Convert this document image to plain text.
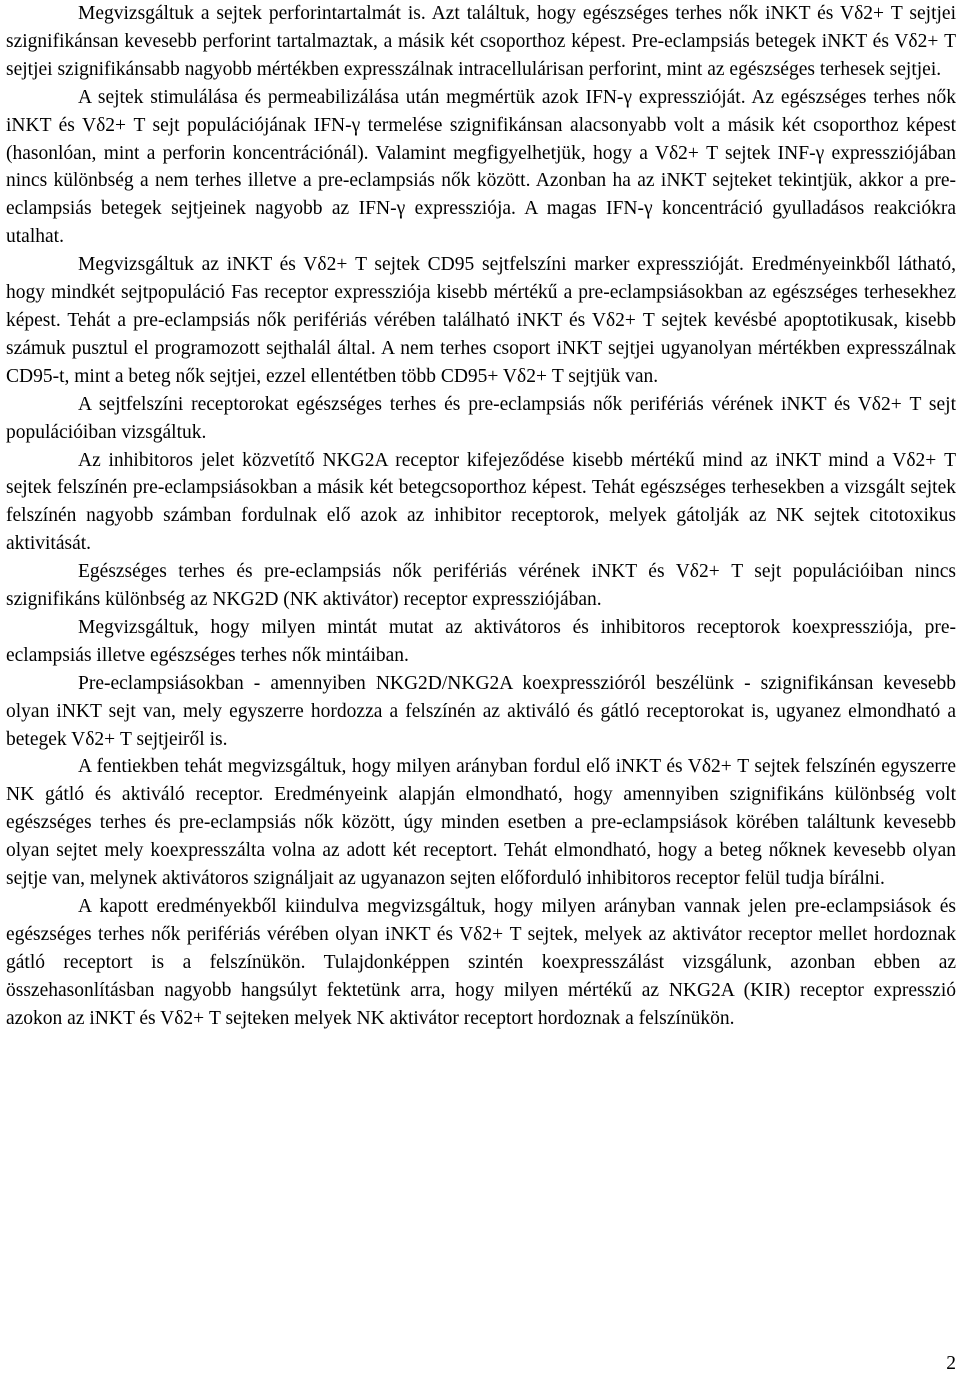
Megvizsgáltuk a sejtek perforintartalmát is. Azt találtuk, hogy egészséges terhes nők iNKT és Vδ2+ T sejtjei szignifikánsan kevesebb perforint tartalmaztak, a másik két csoporthoz képest. Pre-eclampsiás betegek iNKT és Vδ2+ T sejtjei szignifikánsabb nagyobb mértékben expresszálnak intracellulárisan perforint, mint az egészséges terhesek sejtjei.

A sejtek stimulálása és permeabilizálása után megmértük azok IFN-γ expresszióját. Az egészséges terhes nők iNKT és Vδ2+ T sejt populációjának IFN-γ termelése szignifikánsan alacsonyabb volt a másik két csoporthoz képest (hasonlóan, mint a perforin koncentrációnál). Valamint megfigyelhetjük, hogy a Vδ2+ T sejtek INF-γ expressziójában nincs különbség a nem terhes illetve a pre-eclampsiás nők között. Azonban ha az iNKT sejteket tekintjük, akkor a pre-eclampsiás betegek sejtjeinek nagyobb az IFN-γ expressziója. A magas IFN-γ koncentráció gyulladásos reakciókra utalhat.

Megvizsgáltuk az iNKT és Vδ2+ T sejtek CD95 sejtfelszíni marker expresszióját. Eredményeinkből látható, hogy mindkét sejtpopuláció Fas receptor expressziója kisebb mértékű a pre-eclampsiásokban az egészséges terhesekhez képest. Tehát a pre-eclampsiás nők perifériás vérében található iNKT és Vδ2+ T sejtek kevésbé apoptotikusak, kisebb számuk pusztul el programozott sejthalál által. A nem terhes csoport iNKT sejtjei ugyanolyan mértékben expresszálnak CD95-t, mint a beteg nők sejtjei, ezzel ellentétben több CD95+ Vδ2+ T sejtjük van.

A sejtfelszíni receptorokat egészséges terhes és pre-eclampsiás nők perifériás vérének iNKT és Vδ2+ T sejt populációiban vizsgáltuk.

Az inhibitoros jelet közvetítő NKG2A receptor kifejeződése kisebb mértékű mind az iNKT mind a Vδ2+ T sejtek felszínén pre-eclampsiásokban a másik két betegcsoporthoz képest. Tehát egészséges terhesekben a vizsgált sejtek felszínén nagyobb számban fordulnak elő azok az inhibitor receptorok, melyek gátolják az NK sejtek citotoxikus aktivitását.

Egészséges terhes és pre-eclampsiás nők perifériás vérének iNKT és Vδ2+ T sejt populációiban nincs szignifikáns különbség az NKG2D (NK aktivátor) receptor expressziójában.

Megvizsgáltuk, hogy milyen mintát mutat az aktivátoros és inhibitoros receptorok koexpressziója, pre-eclampsiás illetve egészséges terhes nők mintáiban.

Pre-eclampsiásokban - amennyiben NKG2D/NKG2A koexpresszióról beszélünk - szignifikánsan kevesebb olyan iNKT sejt van, mely egyszerre hordozza a felszínén az aktiváló és gátló receptorokat is, ugyanez elmondható a betegek Vδ2+ T sejtjeiről is.

A fentiekben tehát megvizsgáltuk, hogy milyen arányban fordul elő iNKT és Vδ2+ T sejtek felszínén egyszerre NK gátló és aktiváló receptor. Eredményeink alapján elmondható, hogy amennyiben szignifikáns különbség volt egészséges terhes és pre-eclampsiás nők között, úgy minden esetben a pre-eclampsiások körében találtunk kevesebb olyan sejtet mely koexpresszálta volna az adott két receptort. Tehát elmondható, hogy a beteg nőknek kevesebb olyan sejtje van, melynek aktivátoros szignáljait az ugyanazon sejten előforduló inhibitoros receptor felül tudja bírálni.

A kapott eredményekből kiindulva megvizsgáltuk, hogy milyen arányban vannak jelen pre-eclampsiások és egészséges terhes nők perifériás vérében olyan iNKT és Vδ2+ T sejtek, melyek az aktivátor receptor mellet hordoznak gátló receptort is a felszínükön. Tulajdonképpen szintén koexpresszálást vizsgálunk, azonban ebben az összehasonlításban nagyobb hangsúlyt fektetünk arra, hogy milyen mértékű az NKG2A (KIR) receptor expresszió azokon az iNKT és Vδ2+ T sejteken melyek NK aktivátor receptort hordoznak a felszínükön.

2
